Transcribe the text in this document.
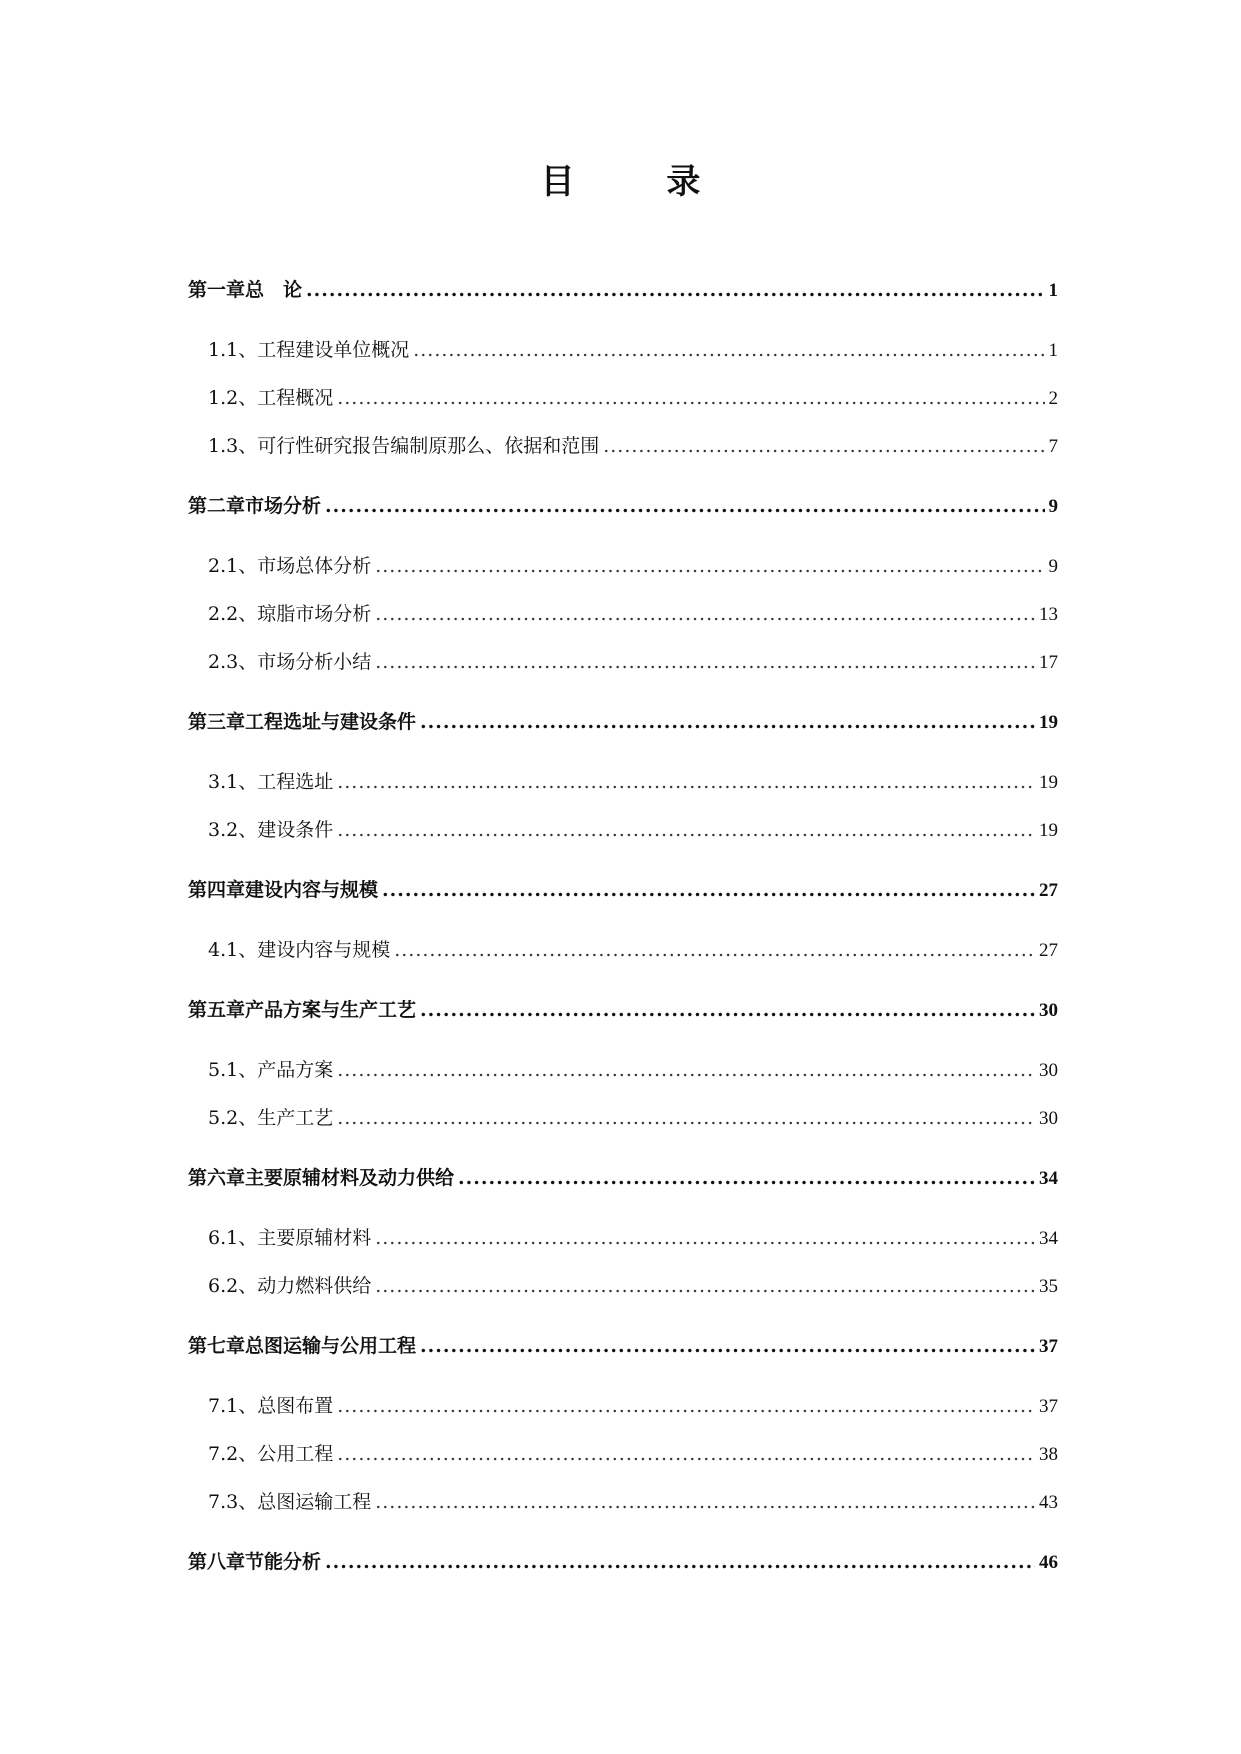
目 录
第一章 总　论 .....	1
1.1、工程建设单位概况 .....	1
1.2、工程概况 .....	2
1.3、可行性研究报告编制原那么、依据和范围 .....	7
第二章 市场分析 .....	9
2.1、市场总体分析 .....	9
2.2、琼脂市场分析 .....	13
2.3、市场分析小结 .....	17
第三章 工程选址与建设条件 .....	19
3.1、工程选址 .....	19
3.2、建设条件 .....	19
第四章 建设内容与规模 .....	27
4.1、建设内容与规模 .....	27
第五章 产品方案与生产工艺 .....	30
5.1、产品方案 .....	30
5.2、生产工艺 .....	30
第六章 主要原辅材料及动力供给 .....	34
6.1、主要原辅材料 .....	34
6.2、动力燃料供给 .....	35
第七章 总图运输与公用工程 .....	37
7.1、总图布置 .....	37
7.2、公用工程 .....	38
7.3、总图运输工程 .....	43
第八章 节能分析 .....	46
